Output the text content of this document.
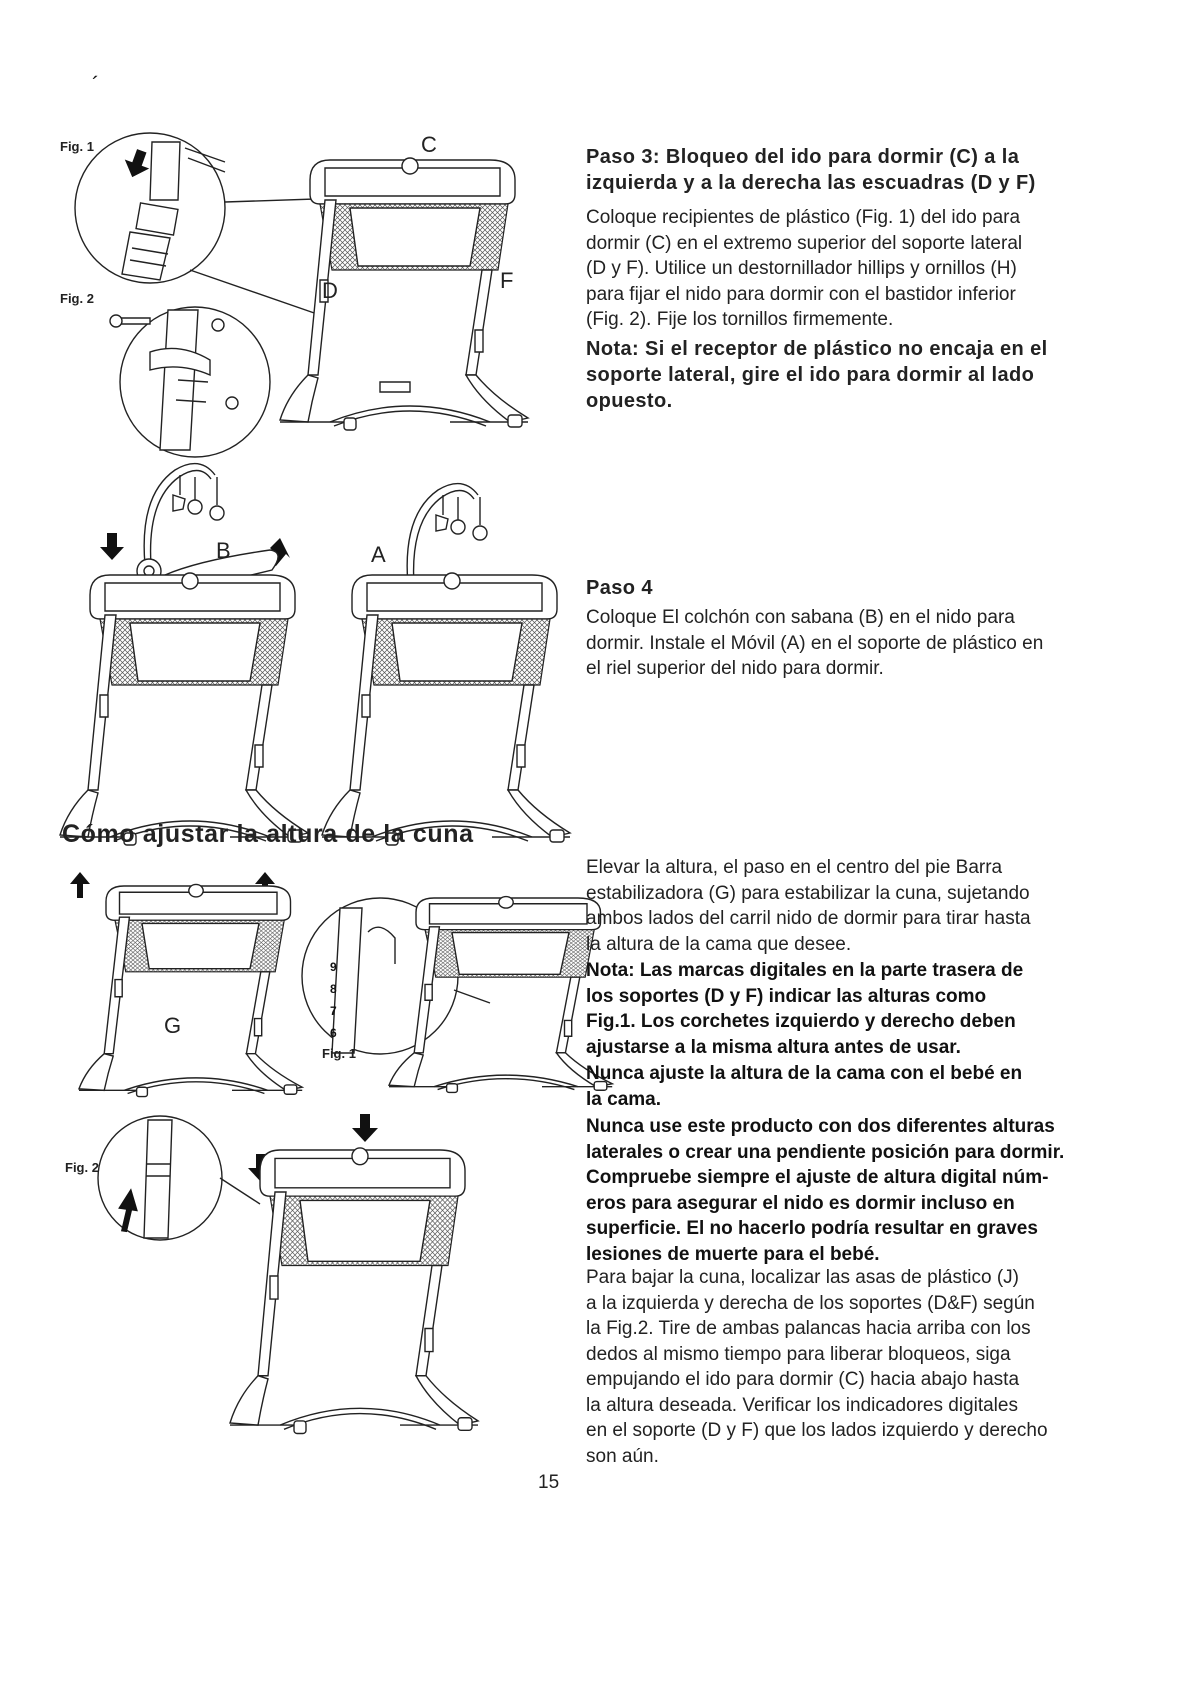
´
Fig. 1
Fig. 2
C
D	F
Paso 3: Bloqueo del ido para dormir (C) a la
izquierda y a la derecha las escuadras (D y F)
Coloque recipientes de plástico (Fig. 1) del ido para
dormir (C) en el extremo superior del soporte lateral
(D y F). Utilice un destornillador hillips y ornillos (H)
para fijar el nido para dormir con el bastidor inferior
(Fig. 2). Fije los tornillos firmemente.
Nota: Si el receptor de plástico no encaja en el
soporte lateral, gire el ido para dormir al lado
opuesto.
B	A
Paso 4
Coloque El colchón con sabana (B) en el nido para
dormir. Instale el Móvil (A) en el soporte de plástico en
el riel superior del nido para dormir.
Cómo ajustar la altura de la cuna
G
Fig. 1
9
8
7
6
Fig. 2
Elevar la altura, el paso en el centro del pie Barra
estabilizadora (G) para estabilizar la cuna, sujetando
ambos lados del carril nido de dormir para tirar hasta
la altura de la cama que desee.
Nota: Las marcas digitales en la parte trasera de
los soportes (D y F) indicar las alturas como
Fig.1. Los corchetes izquierdo y derecho deben
ajustarse a la misma altura antes de usar.
Nunca ajuste la altura de la cama con el bebé en
la cama.
Nunca use este producto con dos diferentes alturas
laterales o crear una pendiente posición para dormir.
Compruebe siempre el ajuste de altura digital núm-
eros para asegurar el nido es dormir incluso en
superficie. El no hacerlo podría resultar en graves
lesiones de muerte para el bebé.
Para bajar la cuna, localizar las asas de plástico (J)
a la izquierda y derecha de los soportes (D&F) según
la Fig.2. Tire de ambas palancas hacia arriba con los
dedos al mismo tiempo para liberar bloqueos, siga
empujando el ido para dormir (C) hacia abajo hasta
la altura deseada. Verificar los indicadores digitales
en el soporte (D y F) que los lados izquierdo y derecho
son aún.
15
